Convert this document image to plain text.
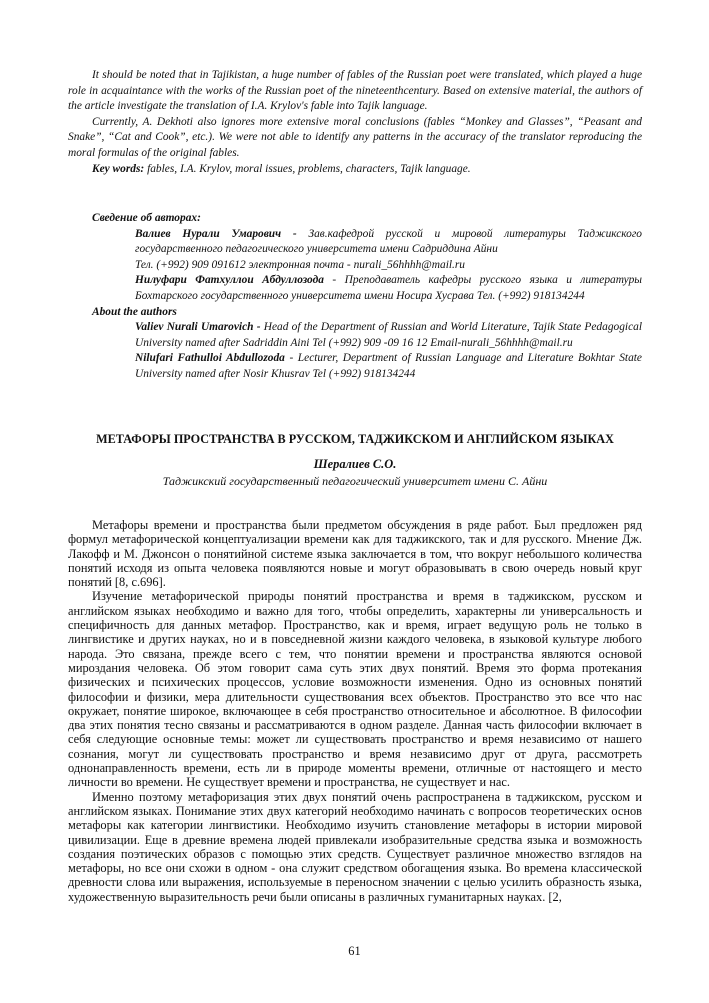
It should be noted that in Tajikistan, a huge number of fables of the Russian poet were translated, which played a huge role in acquaintance with the works of the Russian poet of the nineteenthcentury. Based on extensive material, the authors of the article investigate the translation of I.A. Krylov's fable into Tajik language.

Currently, A. Dekhoti also ignores more extensive moral conclusions (fables “Monkey and Glasses”, “Peasant and Snake”, “Cat and Cook”, etc.). We were not able to identify any patterns in the accuracy of the translator reproducing the moral formulas of the original fables.

Key words: fables, I.A. Krylov, moral issues, problems, characters, Tajik language.

Сведение об авторах:

Валиев Нурали Умарович - Зав.кафедрой русской и мировой литературы Таджикского государственного педагогического университета имени Садриддина Айни

Тел. (+992) 909 091612 электронная почта - nurali_56hhhh@mail.ru

Нилуфари Фатхуллои Абдуллозода - Преподаватель кафедры русского языка и литературы Бохтарского государственного университета имени Носира Хусрава Тел. (+992) 918134244

About the authors

Valiev Nurali Umarovich - Head of the Department of Russian and World Literature, Tajik State Pedagogical University named after Sadriddin Aini Tel (+992) 909 -09 16 12 Email-nurali_56hhhh@mail.ru

Nilufari Fathulloi Abdullozoda - Lecturer, Department of Russian Language and Literature Bokhtar State University named after Nosir Khusrav Tel (+992) 918134244

МЕТАФОРЫ ПРОСТРАНСТВА В РУССКОМ, ТАДЖИКСКОМ И АНГЛИЙСКОМ ЯЗЫКАХ
Шералиев С.О.
Таджикский государственный педагогический университет имени С. Айни

Метафоры времени и пространства были предметом обсуждения в ряде работ. Был предложен ряд формул метафорической концептуализации времени как для таджикского, так и для русского. Мнение Дж. Лакофф и М. Джонсон о понятийной системе языка заключается в том, что вокруг небольшого количества понятий исходя из опыта человека появляются новые и могут образовывать в свою очередь новый круг понятий [8, с.696].

Изучение метафорической природы понятий пространства и время в таджикском, русском и английском языках необходимо и важно для того, чтобы определить, характерны ли универсальность и специфичность для данных метафор. Пространство, как и время, играет ведущую роль не только в лингвистике и других науках, но и в повседневной жизни каждого человека, в языковой культуре любого народа. Это связана, прежде всего с тем, что понятии времени и пространства являются основой мироздания человека. Об этом говорит сама суть этих двух понятий. Время это форма протекания физических и психических процессов, условие возможности изменения. Одно из основных понятий философии и физики, мера длительности существования всех объектов. Пространство это все что нас окружает, понятие широкое, включающее в себя пространство относительное и абсолютное. В философии два этих понятия тесно связаны и рассматриваются в одном разделе. Данная часть философии включает в себя следующие основные темы: может ли существовать пространство и время независимо от нашего сознания, могут ли существовать пространство и время независимо друг от друга, рассмотреть однонаправленность времени, есть ли в природе моменты времени, отличные от настоящего и место личности во времени. Не существует времени и пространства, не существует и нас.

Именно поэтому метафоризация этих двух понятий очень распространена в таджикском, русском и английском языках. Понимание этих двух категорий необходимо начинать с вопросов теоретических основ метафоры как категории лингвистики. Необходимо изучить становление метафоры в истории мировой цивилизации. Еще в древние времена людей привлекали изобразительные средства языка и возможность создания поэтических образов с помощью этих средств. Существует различное множество взглядов на метафоры, но все они схожи в одном - она служит средством обогащения языка. Во времена классической древности слова или выражения, используемые в переносном значении с целью усилить образность языка, художественную выразительность речи были описаны в различных гуманитарных науках. [2,

61
